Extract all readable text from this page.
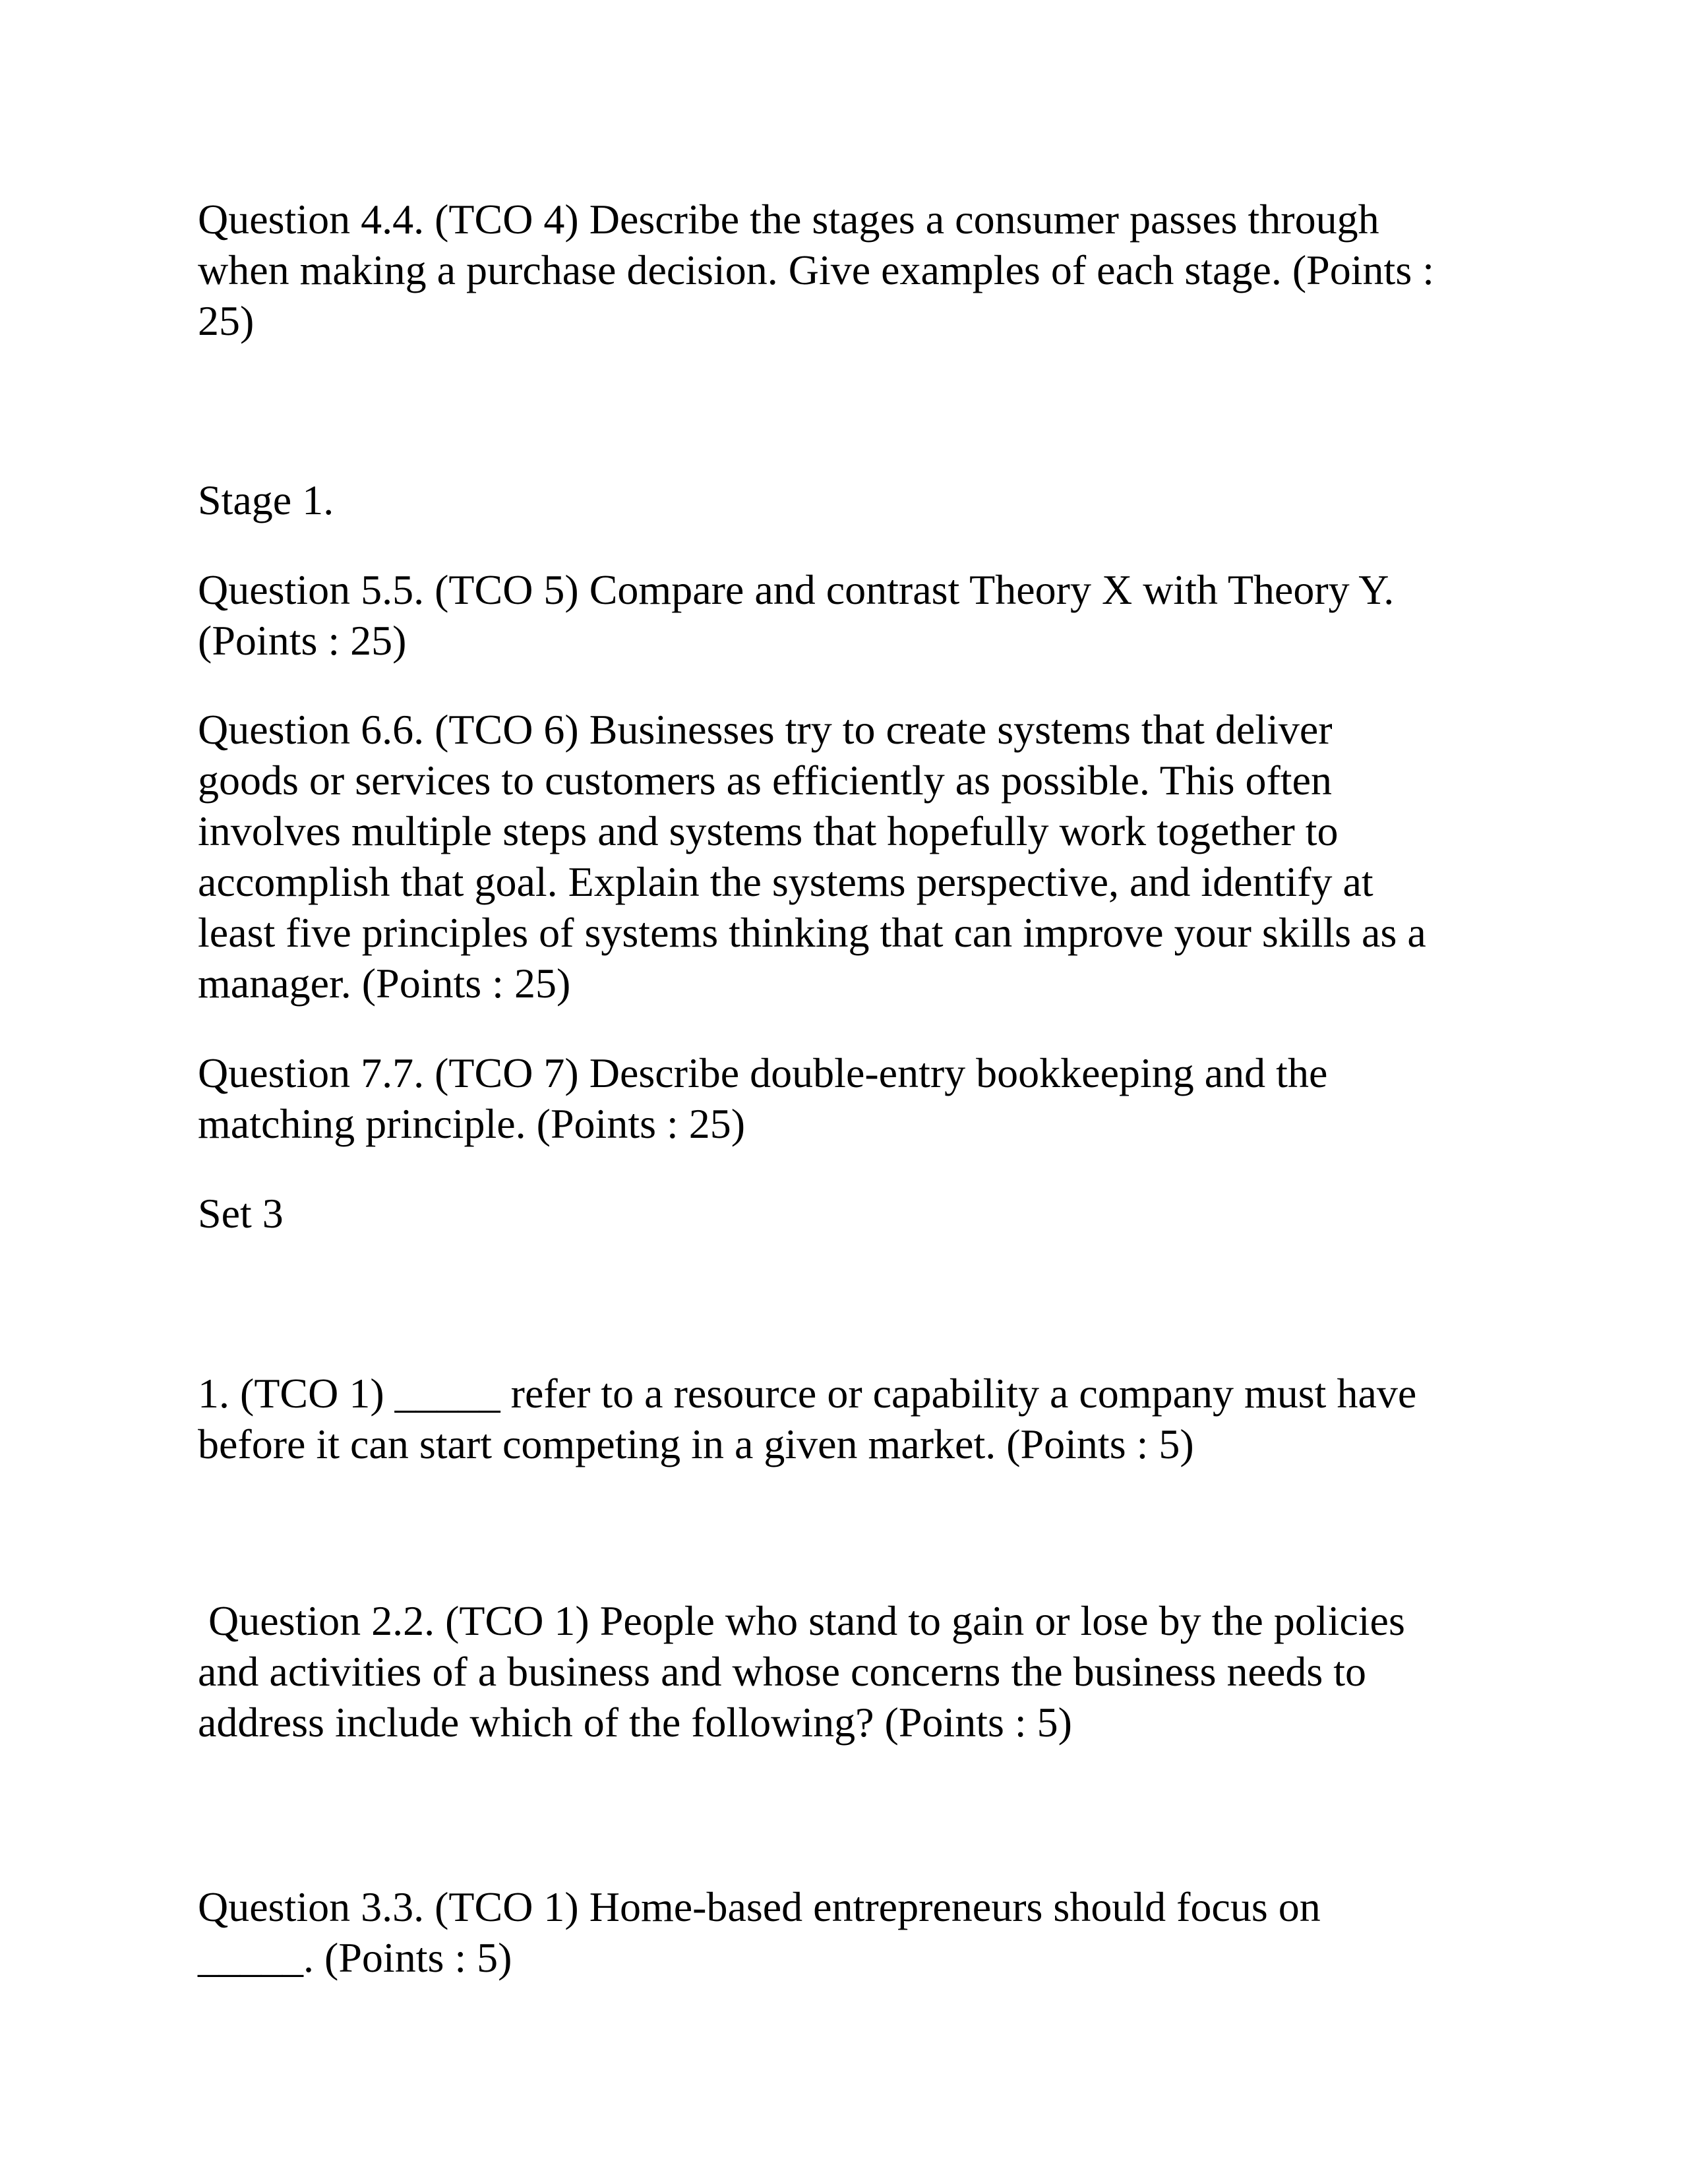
Question 4.4. (TCO 4) Describe the stages a consumer passes through

when making a purchase decision. Give examples of each stage. (Points :

25)

Stage 1.

Question 5.5. (TCO 5) Compare and contrast Theory X with Theory Y.

(Points : 25)

Question 6.6. (TCO 6) Businesses try to create systems that deliver

goods or services to customers as efficiently as possible. This often

involves multiple steps and systems that hopefully work together to

accomplish that goal. Explain the systems perspective, and identify at

least five principles of systems thinking that can improve your skills as a

manager. (Points : 25)

Question 7.7. (TCO 7) Describe double-entry bookkeeping and the

matching principle. (Points : 25)

Set 3

1. (TCO 1) _____ refer to a resource or capability a company must have

before it can start competing in a given market. (Points : 5)

Question 2.2. (TCO 1) People who stand to gain or lose by the policies

and activities of a business and whose concerns the business needs to

address include which of the following? (Points : 5)

Question 3.3. (TCO 1) Home-based entrepreneurs should focus on

_____. (Points : 5)
